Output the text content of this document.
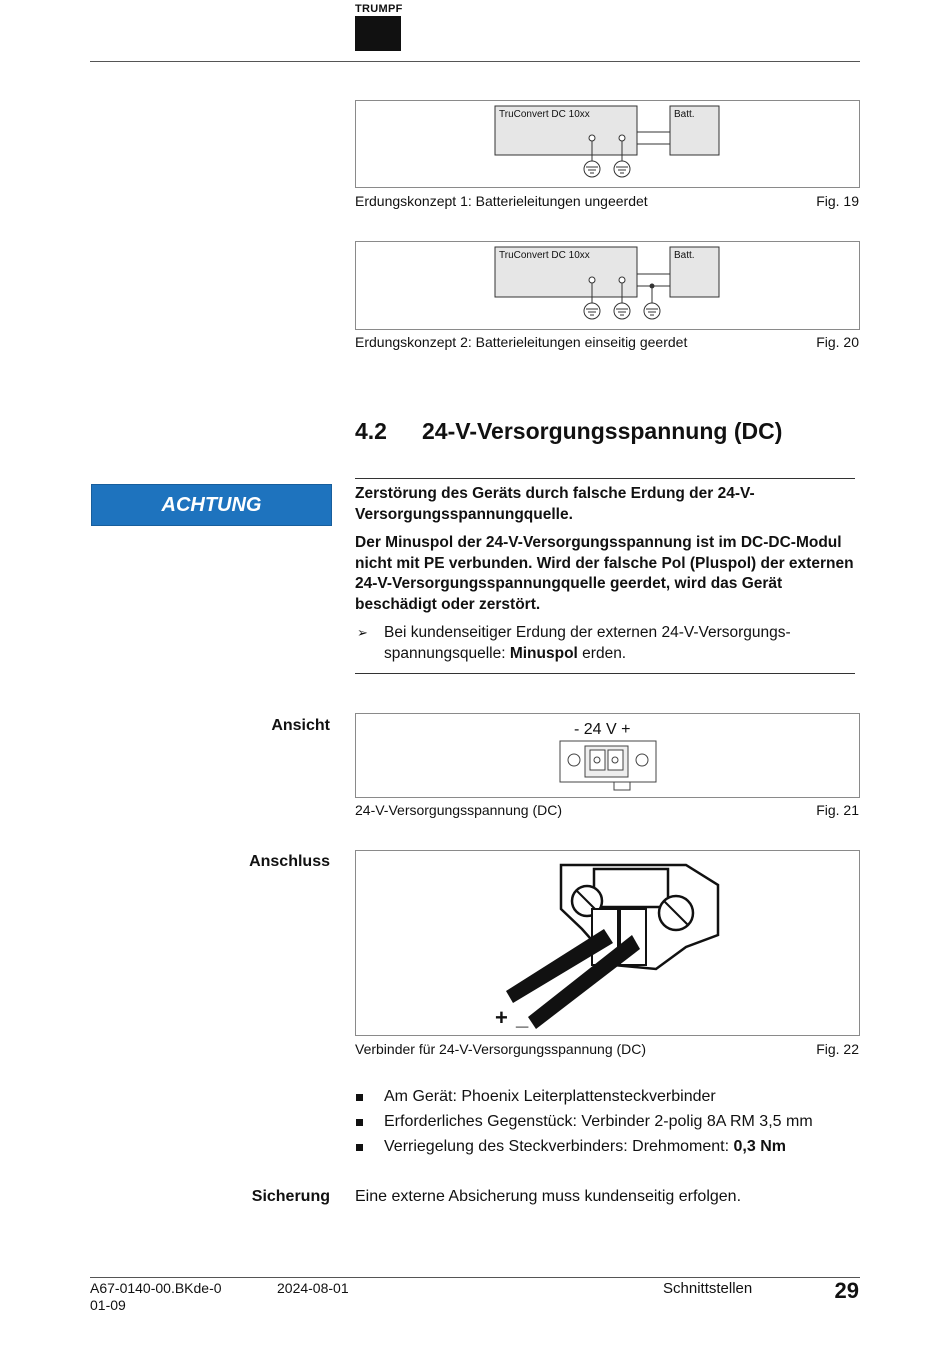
TRUMPF
TruConvert DC 10xx	Batt.
Erdungskonzept 1: Batterieleitungen ungeerdet	Fig. 19
TruConvert DC 10xx	Batt.
Erdungskonzept 2: Batterieleitungen einseitig geerdet	Fig. 20
4.2 24-V-Versorgungsspannung (DC)
ACHTUNG	Zerstörung des Geräts durch falsche Erdung der 24-V-Versorgungsspannungquelle.

Der Minuspol der 24-V-Versorgungsspannung ist im DC-DC-Modul nicht mit PE verbunden. Wird der falsche Pol (Pluspol) der externen 24-V-Versorgungsspannungquelle geerdet, wird das Gerät beschädigt oder zerstört.

➢ Bei kundenseitiger Erdung der externen 24-V-Versorgungs-spannungsquelle: Minuspol erden.
Ansicht	- 24 V +
24-V-Versorgungsspannung (DC)	Fig. 21
Anschluss
+ _
Verbinder für 24-V-Versorgungsspannung (DC)	Fig. 22
Am Gerät: Phoenix Leiterplattensteckverbinder
Erforderliches Gegenstück: Verbinder 2-polig 8A RM 3,5 mm
Verriegelung des Steckverbinders: Drehmoment: 0,3 Nm
Sicherung Eine externe Absicherung muss kundenseitig erfolgen.
A67-0140-00.BKde-0
01-09
2024-08-01	Schnittstellen	29
